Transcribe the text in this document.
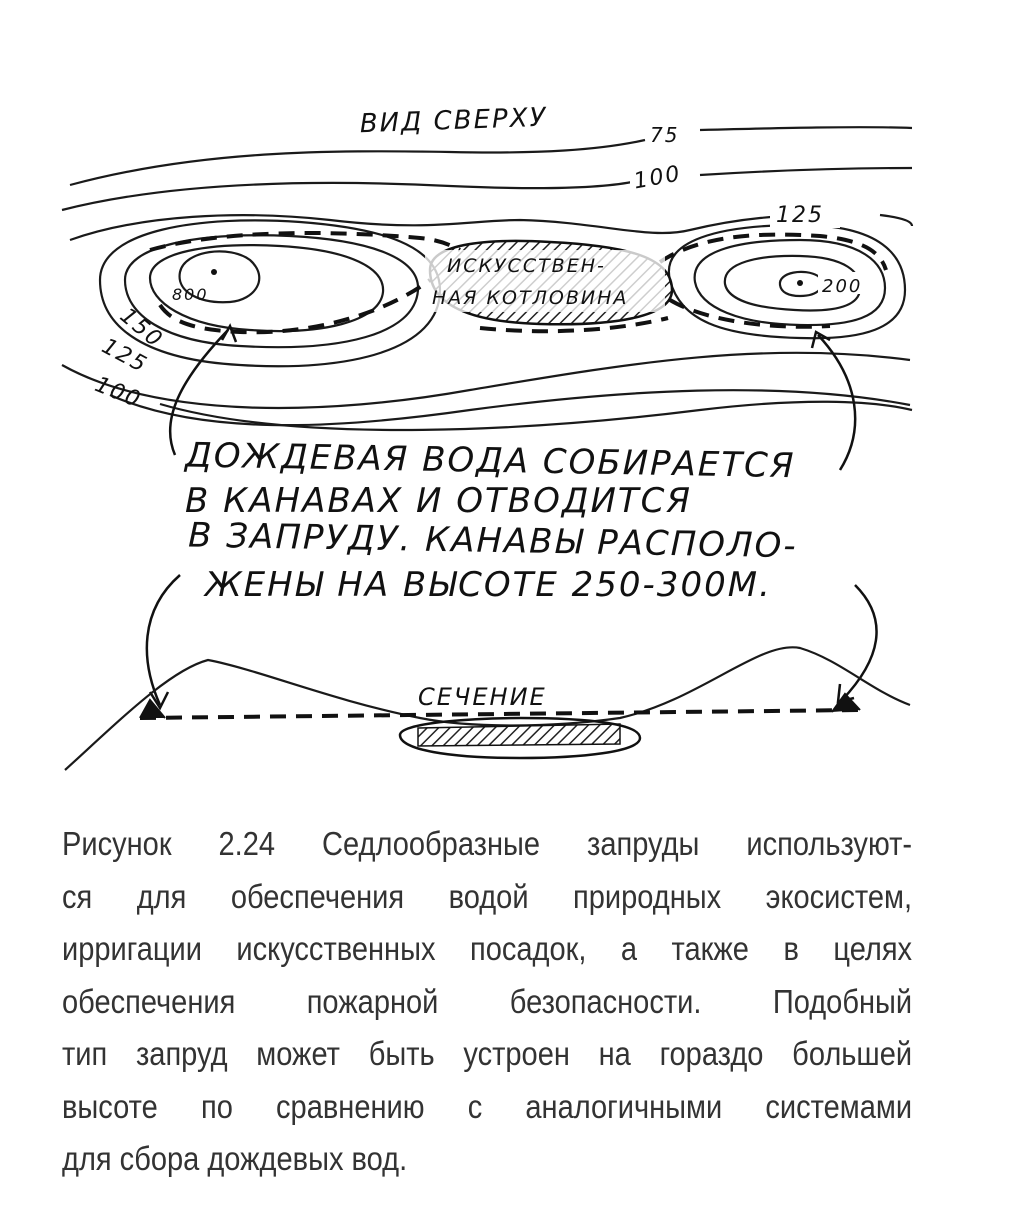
ВИД СВЕРХУ
ИСКУССТВЕН-
НАЯ КОТЛОВИНА
75
100
125
150
125
100
800	200
ДОЖДЕВАЯ ВОДА СОБИРАЕТСЯ
В КАНАВАХ И ОТВОДИТСЯ
В ЗАПРУДУ. КАНАВЫ РАСПОЛО-
ЖЕНЫ НА ВЫСОТЕ 250-300М.
СЕЧЕНИЕ
Рисунок 2.24 Седлообразные запруды используют-
ся для обеспечения водой природных экосистем,
ирригации искусственных посадок, а также в целях
обеспечения пожарной безопасности. Подобный
тип запруд может быть устроен на гораздо большей
высоте по сравнению с аналогичными системами
для сбора дождевых вод.
